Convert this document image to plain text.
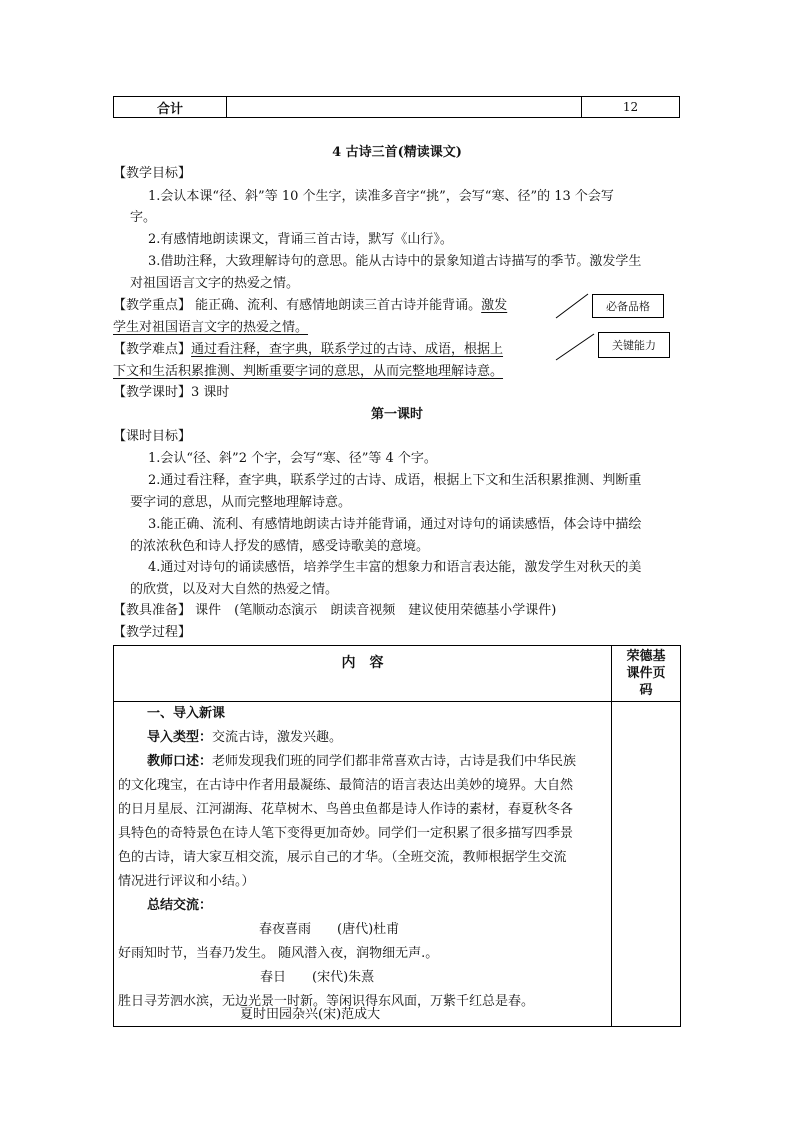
合计	12
4 古诗三首(精读课文)
【教学目标】
1.会认本课“径、斜”等 10 个生字，读准多音字“挑”，会写“寒、径”的 13 个会写
字。
2.有感情地朗读课文，背诵三首古诗，默写《山行》。
3.借助注释，大致理解诗句的意思。能从古诗中的景象知道古诗描写的季节。激发学生
对祖国语言文字的热爱之情。
【教学重点】 能正确、流利、有感情地朗读三首古诗并能背诵。激发
学生对祖国语言文字的热爱之情。
【教学难点】通过看注释，查字典，联系学过的古诗、成语，根据上
下文和生活积累推测、判断重要字词的意思，从而完整地理解诗意。
必备品格
关键能力
【教学课时】3 课时
第一课时
【课时目标】
1.会认“径、斜”2 个字，会写“寒、径”等 4 个字。
2.通过看注释，查字典，联系学过的古诗、成语，根据上下文和生活积累推测、判断重
要字词的意思，从而完整地理解诗意。
3.能正确、流利、有感情地朗读古诗并能背诵，通过对诗句的诵读感悟，体会诗中描绘
的浓浓秋色和诗人抒发的感情，感受诗歌美的意境。
4.通过对诗句的诵读感悟，培养学生丰富的想象力和语言表达能，激发学生对秋天的美
的欣赏，以及对大自然的热爱之情。
【教具准备】 课件　(笔顺动态演示　朗读音视频　建议使用荣德基小学课件)
【教学过程】
内　容	荣德基
课件页
码
一、导入新课
导入类型：交流古诗，激发兴趣。
教师口述：老师发现我们班的同学们都非常喜欢古诗，古诗是我们中华民族
的文化瑰宝，在古诗中作者用最凝练、最简洁的语言表达出美妙的境界。大自然
的日月星辰、江河湖海、花草树木、鸟兽虫鱼都是诗人作诗的素材，春夏秋冬各
具特色的奇特景色在诗人笔下变得更加奇妙。同学们一定积累了很多描写四季景
色的古诗，请大家互相交流，展示自己的才华。（全班交流，教师根据学生交流
情况进行评议和小结。）
总结交流：
春夜喜雨　　(唐代)杜甫
好雨知时节，当春乃发生。 随风潜入夜，润物细无声.。
春日　　(宋代)朱熹
胜日寻芳泗水滨，无边光景一时新。等闲识得东风面，万紫千红总是春。
夏时田园杂兴(宋)范成大
